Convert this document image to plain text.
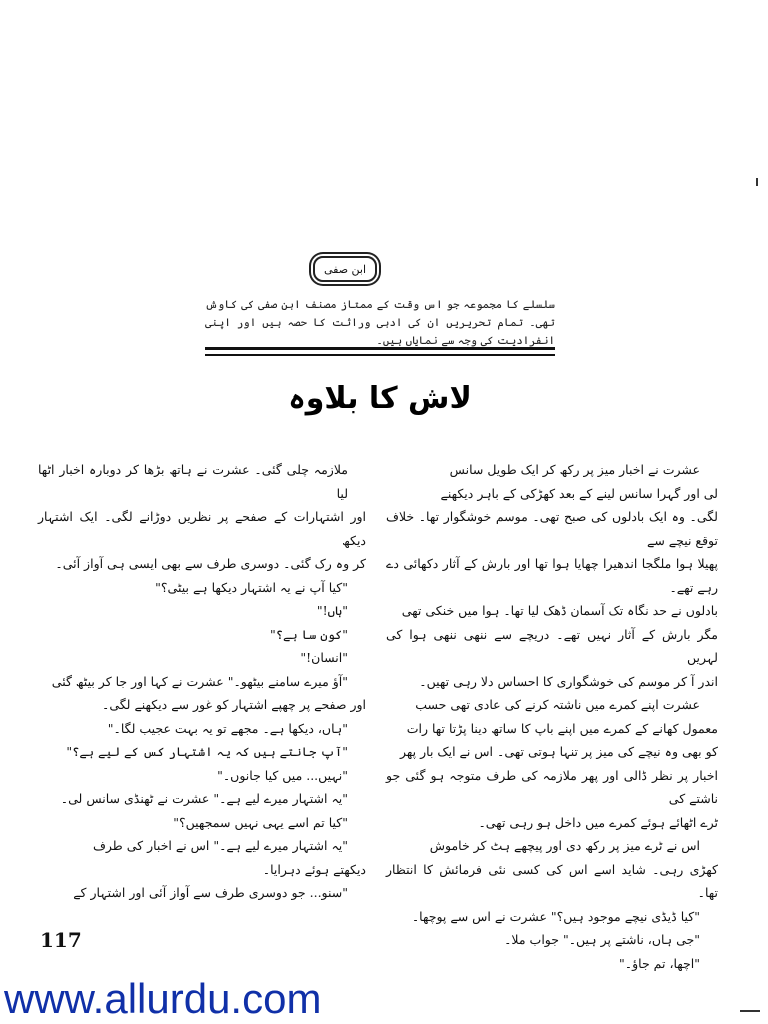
ابن صفی
سلسلے کا مجموعہ جو اس وقت کے ممتاز مصنف ابن صفی کی کاوش تھی۔ تمام تحریریں ان کی ادبی وراثت کا حصہ ہیں اور اپنی انفرادیت کی وجہ سے نمایاں ہیں۔
لاش کا بلاوہ

عشرت نے اخبار میز پر رکھ کر ایک طویل سانس

لی اور گہرا سانس لینے کے بعد کھڑکی کے باہر دیکھنے

لگی۔ وہ ایک بادلوں کی صبح تھی۔ موسم خوشگوار تھا۔ خلاف توقع نیچے سے

پھیلا ہوا ملگجا اندھیرا چھایا ہوا تھا اور بارش کے آثار دکھائی دے رہے تھے۔

بادلوں نے حد نگاہ تک آسمان ڈھک لیا تھا۔ ہوا میں خنکی تھی

مگر بارش کے آثار نہیں تھے۔ دریچے سے ننھی ننھی ہوا کی لہریں

اندر آ کر موسم کی خوشگواری کا احساس دلا رہی تھیں۔

عشرت اپنے کمرے میں ناشتہ کرنے کی عادی تھی حسب

معمول کھانے کے کمرے میں اپنے باپ کا ساتھ دینا پڑتا تھا رات

کو بھی وہ نیچے کی میز پر تنہا ہوتی تھی۔ اس نے ایک بار پھر

اخبار پر نظر ڈالی اور پھر ملازمہ کی طرف متوجہ ہو گئی جو ناشتے کی

ٹرے اٹھائے ہوئے کمرے میں داخل ہو رہی تھی۔

اس نے ٹرے میز پر رکھ دی اور پیچھے ہٹ کر خاموش

کھڑی رہی۔ شاید اسے اس کی کسی نئی فرمائش کا انتظار تھا۔

"کیا ڈیڈی نیچے موجود ہیں؟" عشرت نے اس سے پوچھا۔

"جی ہاں، ناشتے پر ہیں۔" جواب ملا۔

"اچھا، تم جاؤ۔"

ملازمہ چلی گئی۔ عشرت نے ہاتھ بڑھا کر دوبارہ اخبار اٹھا لیا

اور اشتہارات کے صفحے پر نظریں دوڑانے لگی۔ ایک اشتہار دیکھ

کر وہ رک گئی۔ دوسری طرف سے بھی ایسی ہی آواز آئی۔

"کیا آپ نے یہ اشتہار دیکھا ہے بیٹی؟"

"ہاں!"

"کون سا ہے؟"

"انسان!"

"آؤ میرے سامنے بیٹھو۔" عشرت نے کہا اور جا کر بیٹھ گئی

اور صفحے پر چھپے اشتہار کو غور سے دیکھنے لگی۔

"ہاں، دیکھا ہے۔ مجھے تو یہ بہت عجیب لگا۔"

"آپ جانتے ہیں کہ یہ اشتہار کس کے لیے ہے؟"

"نہیں... میں کیا جانوں۔"

"یہ اشتہار میرے لیے ہے۔" عشرت نے ٹھنڈی سانس لی۔

"کیا تم اسے یہی نہیں سمجھیں؟"

"یہ اشتہار میرے لیے ہے۔" اس نے اخبار کی طرف

دیکھتے ہوئے دہرایا۔

"سنو... جو دوسری طرف سے آواز آئی اور اشتہار کے

117
www.allurdu.com
